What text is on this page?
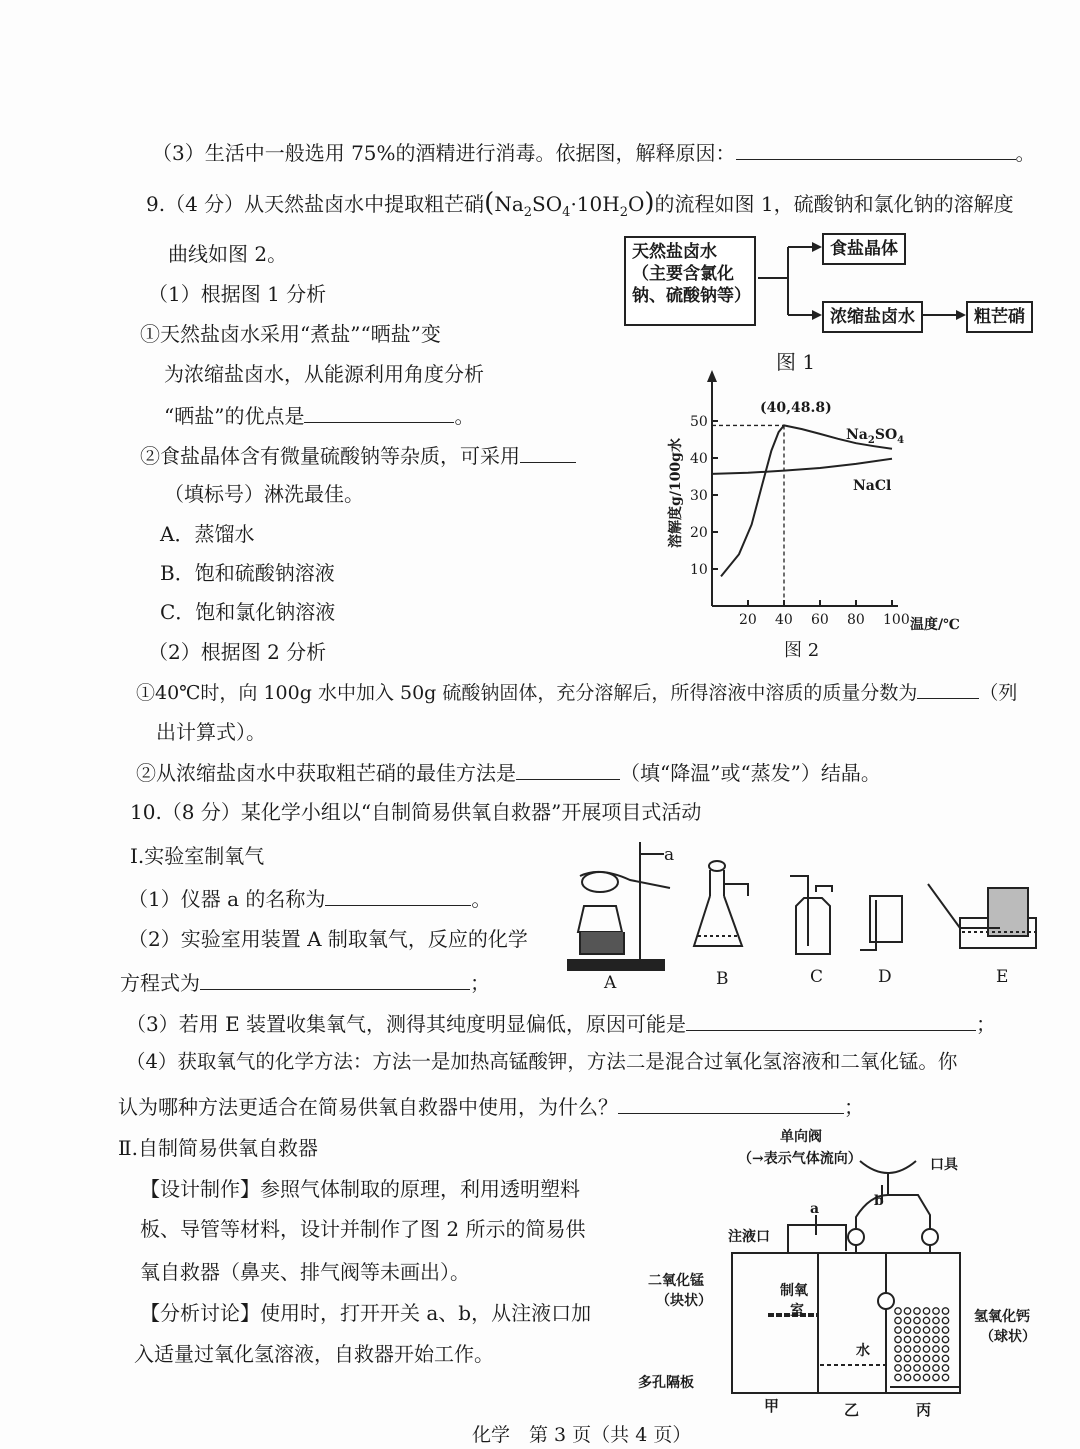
（3）生活中一般选用 75%的酒精进行消毒。依据图，解释原因：	。
9.（4 分）从天然盐卤水中提取粗芒硝$(Na_2SO_4\cdot 10H_2O)$的流程如图 1，硫酸钠和氯化钠的溶解度
曲线如图 2。
（1）根据图 1 分析
①天然盐卤水采用“煮盐”“晒盐”变
为浓缩盐卤水，从能源利用角度分析
“晒盐”的优点是	。
②食盐晶体含有微量硫酸钠等杂质，可采用
（填标号）淋洗最佳。
A．蒸馏水
B．饱和硫酸钠溶液
C．饱和氯化钠溶液
（2）根据图 2 分析
①40℃时，向 100g 水中加入 50g 硫酸钠固体，充分溶解后，所得溶液中溶质的质量分数为	（列
出计算式）。
②从浓缩盐卤水中获取粗芒硝的最佳方法是	（填“降温”或“蒸发”）结晶。
天然盐卤水
（主要含氯化
钠、硫酸钠等）
食盐晶体
浓缩盐卤水	粗芒硝
图 1
溶解度g/100g水
10
20
30
40
50
20 40 60 80 100 温度/℃
(40,48.8)
$Na_2SO_4$
NaCl
图 2
10.（8 分）某化学小组以“自制简易供氧自救器”开展项目式活动
Ⅰ.实验室制氧气
（1）仪器 a 的名称为	。
（2）实验室用装置 A 制取氧气，反应的化学
方程式为	；
a
A	B	C	D	E
（3）若用 E 装置收集氧气，测得其纯度明显偏低，原因可能是	；
（4）获取氧气的化学方法：方法一是加热高锰酸钾，方法二是混合过氧化氢溶液和二氧化锰。你
认为哪种方法更适合在简易供氧自救器中使用，为什么？	；
Ⅱ.自制简易供氧自救器
【设计制作】参照气体制取的原理，利用透明塑料
板、导管等材料，设计并制作了图 2 所示的简易供
氧自救器（鼻夹、排气阀等未画出）。
【分析讨论】使用时，打开开关 a、b，从注液口加
入适量过氧化氢溶液，自救器开始工作。
单向阀
（→表示气体流向）	口具
b
a
注液口
二氧化锰
（块状）
制氧
室
水
氢氧化钙
（球状）
多孔隔板
甲	乙	丙
化学　第 3 页（共 4 页）
